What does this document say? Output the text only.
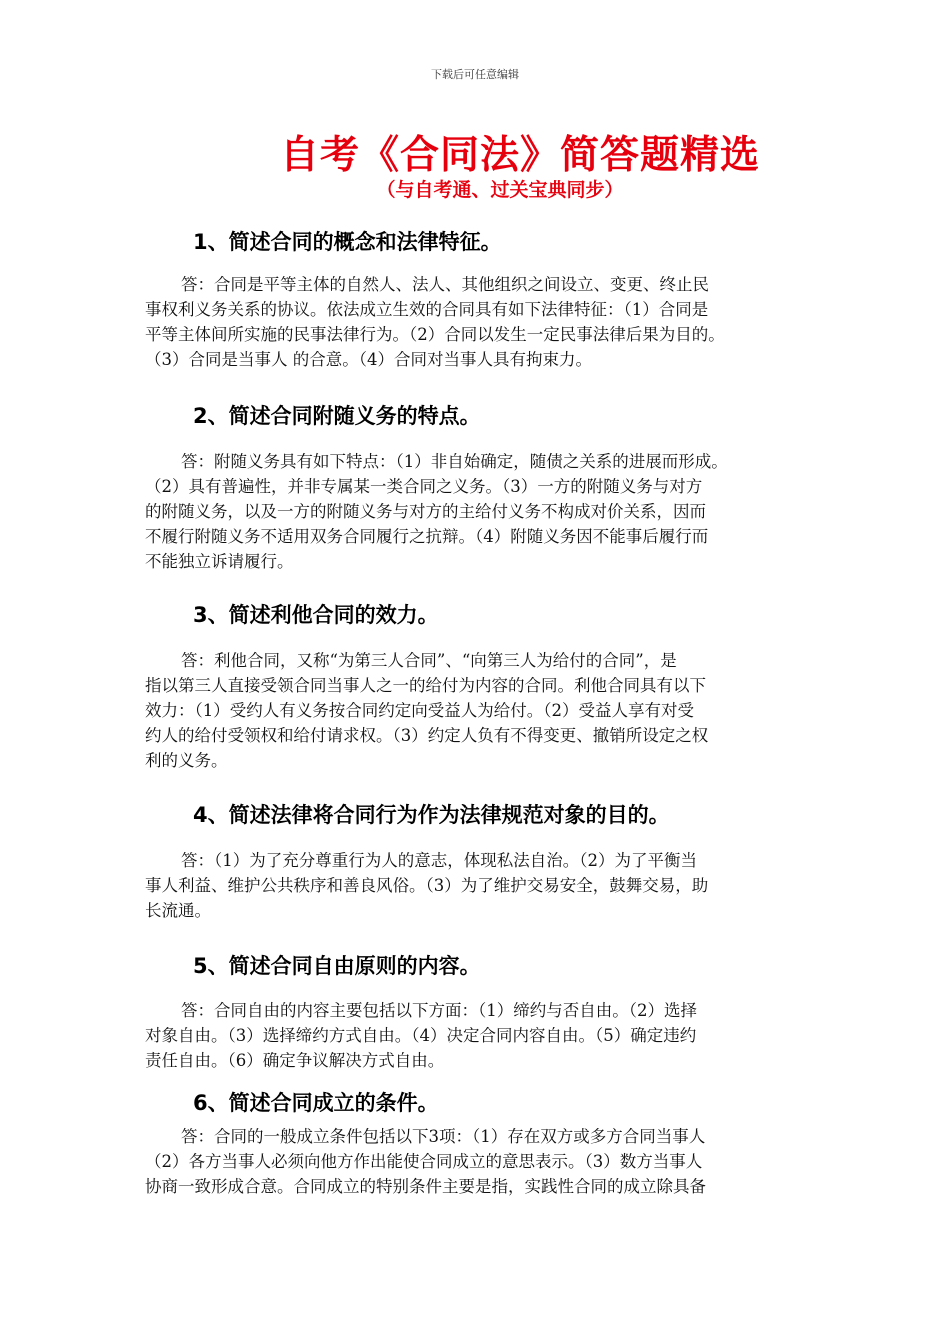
下载后可任意编辑
自考《合同法》简答题精选
（与自考通、过关宝典同步）
1、简述合同的概念和法律特征。
答：合同是平等主体的自然人、法人、其他组织之间设立、变更、终止民
事权利义务关系的协议。依法成立生效的合同具有如下法律特征：（1）合同是
平等主体间所实施的民事法律行为。（2）合同以发生一定民事法律后果为目的。
（3）合同是当事人 的合意。（4）合同对当事人具有拘束力。
2、简述合同附随义务的特点。
答：附随义务具有如下特点：（1）非自始确定，随债之关系的进展而形成。
（2）具有普遍性，并非专属某一类合同之义务。（3）一方的附随义务与对方
的附随义务，以及一方的附随义务与对方的主给付义务不构成对价关系，因而
不履行附随义务不适用双务合同履行之抗辩。（4）附随义务因不能事后履行而
不能独立诉请履行。
3、简述利他合同的效力。
答：利他合同，又称“为第三人合同”、“向第三人为给付的合同”，是
指以第三人直接受领合同当事人之一的给付为内容的合同。利他合同具有以下
效力：（1）受约人有义务按合同约定向受益人为给付。（2）受益人享有对受
约人的给付受领权和给付请求权。（3）约定人负有不得变更、撤销所设定之权
利的义务。
4、简述法律将合同行为作为法律规范对象的目的。
答：（1）为了充分尊重行为人的意志，体现私法自治。（2）为了平衡当
事人利益、维护公共秩序和善良风俗。（3）为了维护交易安全，鼓舞交易，助
长流通。
5、简述合同自由原则的内容。
答：合同自由的内容主要包括以下方面：（1）缔约与否自由。（2）选择
对象自由。（3）选择缔约方式自由。（4）决定合同内容自由。（5）确定违约
责任自由。（6）确定争议解决方式自由。
6、简述合同成立的条件。
答：合同的一般成立条件包括以下3项：（1）存在双方或多方合同当事人
（2）各方当事人必须向他方作出能使合同成立的意思表示。（3）数方当事人
协商一致形成合意。合同成立的特别条件主要是指，实践性合同的成立除具备
